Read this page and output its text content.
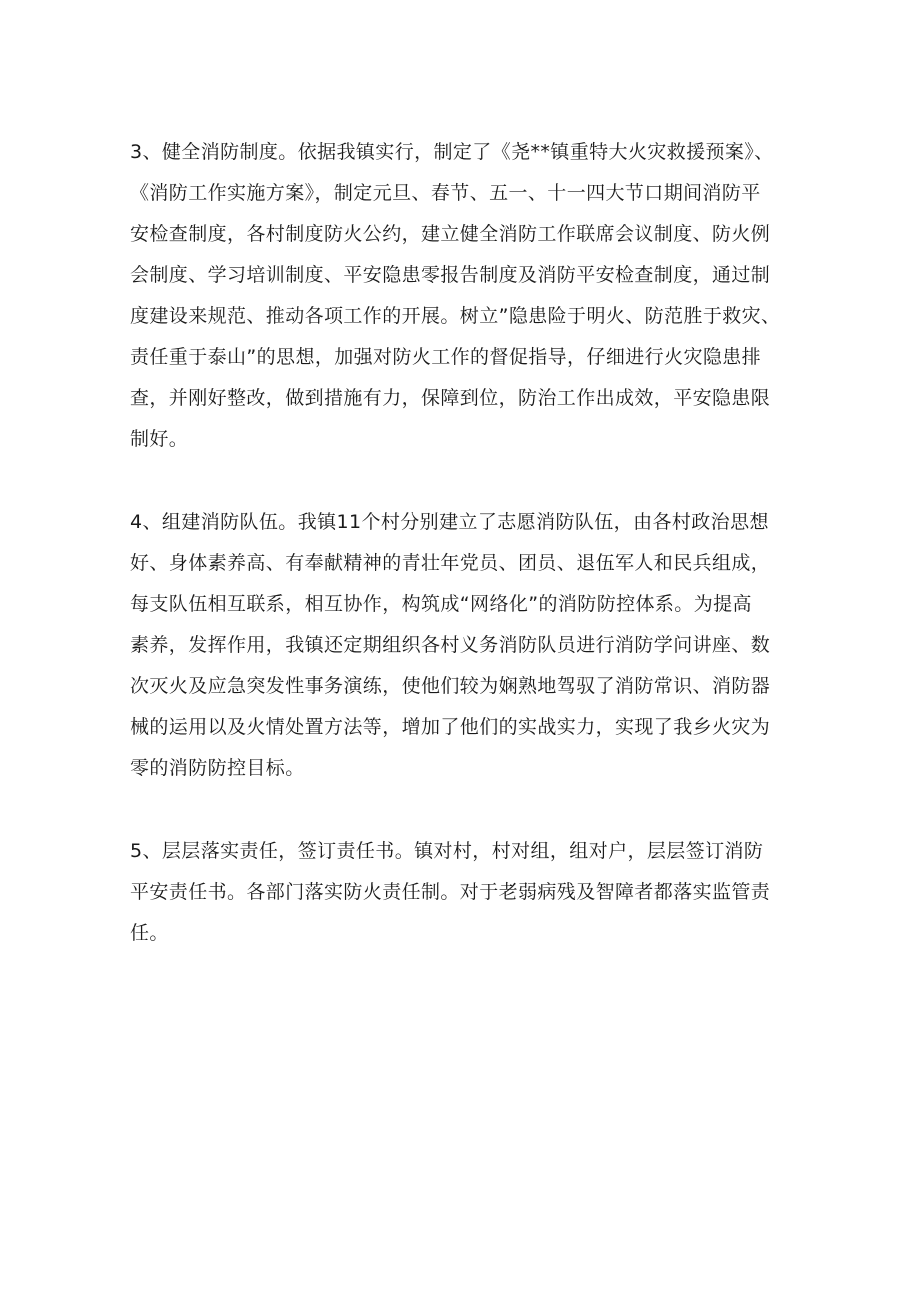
3、健全消防制度。依据我镇实行，制定了《尧**镇重特大火灾救援预案》、
《消防工作实施方案》，制定元旦、春节、五一、十一四大节口期间消防平
安检查制度，各村制度防火公约，建立健全消防工作联席会议制度、防火例
会制度、学习培训制度、平安隐患零报告制度及消防平安检查制度，通过制
度建设来规范、推动各项工作的开展。树立”隐患险于明火、防范胜于救灾、
责任重于泰山”的思想，加强对防火工作的督促指导，仔细进行火灾隐患排
查，并刚好整改，做到措施有力，保障到位，防治工作出成效，平安隐患限
制好。

4、组建消防队伍。我镇11个村分别建立了志愿消防队伍，由各村政治思想
好、身体素养高、有奉献精神的青壮年党员、团员、退伍军人和民兵组成，
每支队伍相互联系，相互协作，构筑成“网络化”的消防防控体系。为提高
素养，发挥作用，我镇还定期组织各村义务消防队员进行消防学问讲座、数
次灭火及应急突发性事务演练，使他们较为娴熟地驾驭了消防常识、消防器
械的运用以及火情处置方法等，增加了他们的实战实力，实现了我乡火灾为
零的消防防控目标。

5、层层落实责任，签订责任书。镇对村，村对组，组对户，层层签订消防
平安责任书。各部门落实防火责任制。对于老弱病残及智障者都落实监管责
任。
